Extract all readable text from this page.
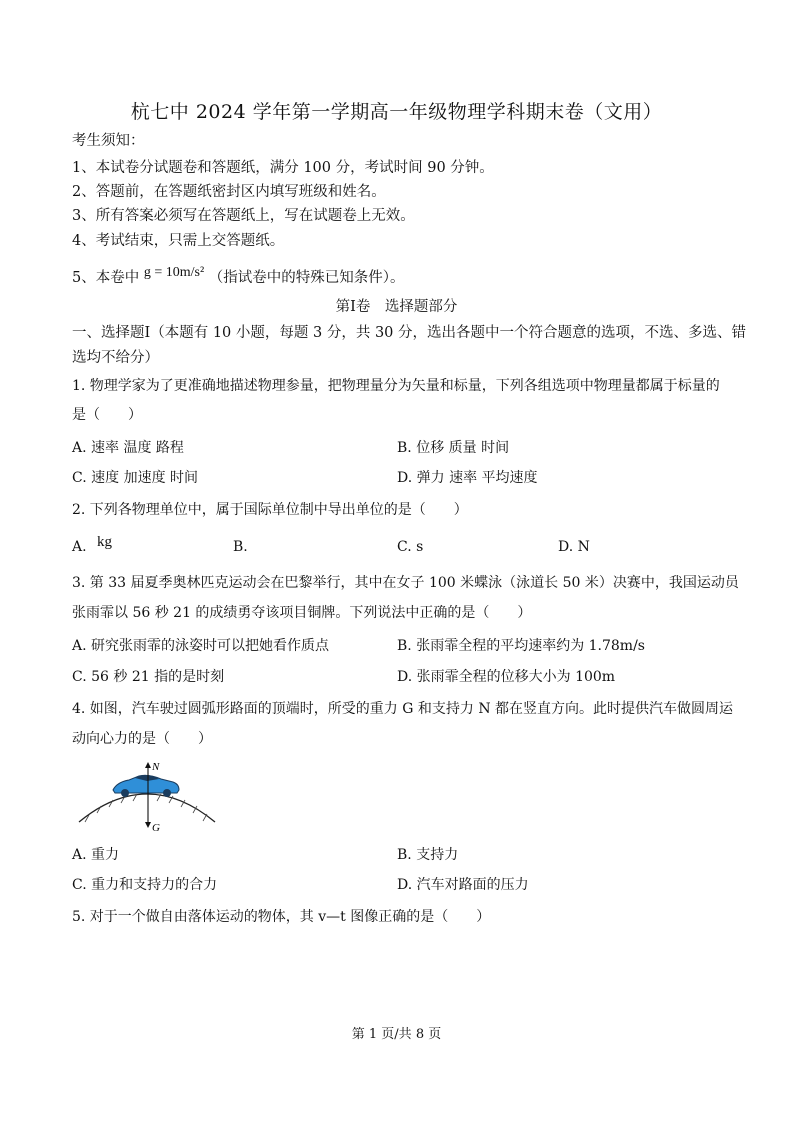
杭七中 2024 学年第一学期高一年级物理学科期末卷（文用）
考生须知：
1、本试卷分试题卷和答题纸，满分 100 分，考试时间 90 分钟。
2、答题前，在答题纸密封区内填写班级和姓名。
3、所有答案必须写在答题纸上，写在试题卷上无效。
4、考试结束，只需上交答题纸。
5、本卷中 g = 10m/s² （指试卷中的特殊已知条件）。
第Ⅰ卷　选择题部分
一、选择题Ⅰ（本题有 10 小题，每题 3 分，共 30 分，选出各题中一个符合题意的选项，不选、多选、错
选均不给分）
1. 物理学家为了更准确地描述物理参量，把物理量分为矢量和标量，下列各组选项中物理量都属于标量的
是（　　）
A. 速率 温度 路程	B. 位移 质量 时间
C. 速度 加速度 时间	D. 弹力 速率 平均速度
2. 下列各物理单位中，属于国际单位制中导出单位的是（　　）
A. kg	B.	C. s	D. N
3. 第 33 届夏季奥林匹克运动会在巴黎举行，其中在女子 100 米蝶泳（泳道长 50 米）决赛中，我国运动员
张雨霏以 56 秒 21 的成绩勇夺该项目铜牌。下列说法中正确的是（　　）
A. 研究张雨霏的泳姿时可以把她看作质点	B. 张雨霏全程的平均速率约为 1.78m/s
C. 56 秒 21 指的是时刻	D. 张雨霏全程的位移大小为 100m
4. 如图，汽车驶过圆弧形路面的顶端时，所受的重力 G 和支持力 N 都在竖直方向。此时提供汽车做圆周运
动向心力的是（　　）
N
G
A. 重力	B. 支持力
C. 重力和支持力的合力	D. 汽车对路面的压力
5. 对于一个做自由落体运动的物体，其 v—t 图像正确的是（　　）
第 1 页/共 8 页
